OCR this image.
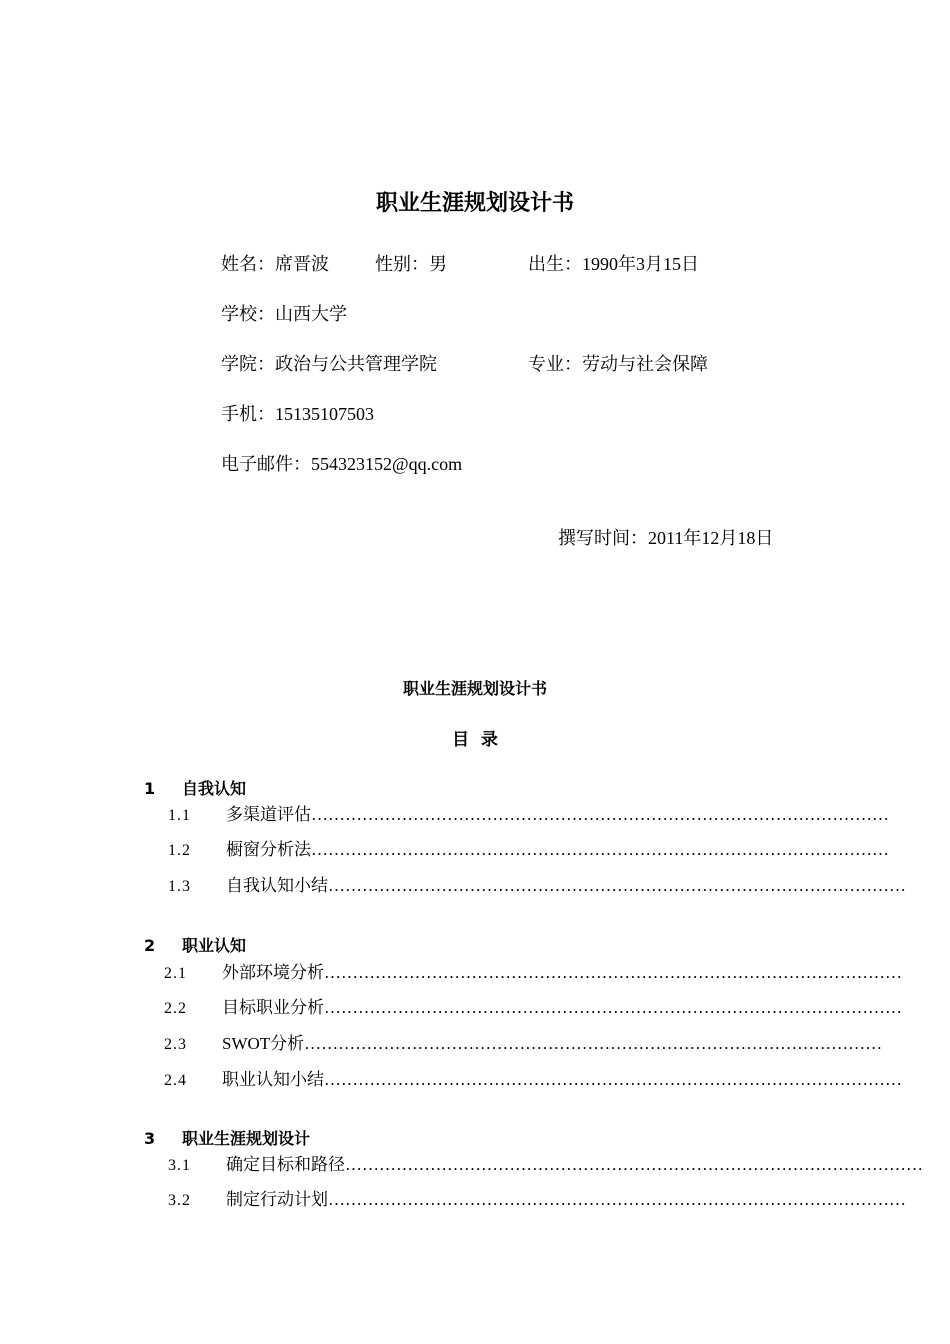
职业生涯规划设计书
姓名：席晋波	性别：男	出生：1990年3月15日
学校：山西大学
学院：政治与公共管理学院	专业：劳动与社会保障
手机：15135107503
电子邮件：554323152@qq.com
撰写时间：2011年12月18日
职业生涯规划设计书
目  录
1 自我认知
1.1 多渠道评估…………………………………………………………………………………………
1.2 橱窗分析法…………………………………………………………………………………………
1.3 自我认知小结…………………………………………………………………………………………
2 职业认知
2.1 外部环境分析…………………………………………………………………………………………
2.2 目标职业分析…………………………………………………………………………………………
2.3 SWOT分析…………………………………………………………………………………………
2.4 职业认知小结…………………………………………………………………………………………
3 职业生涯规划设计
3.1 确定目标和路径…………………………………………………………………………………………
3.2 制定行动计划…………………………………………………………………………………………
